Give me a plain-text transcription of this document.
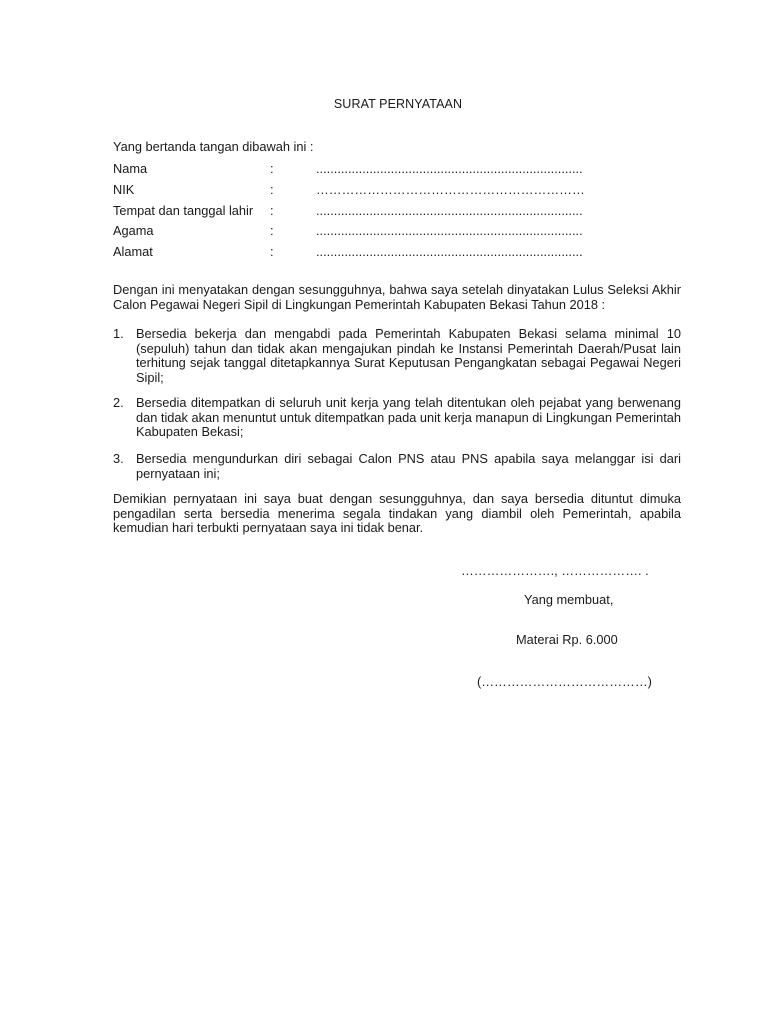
SURAT PERNYATAAN
Yang bertanda tangan dibawah ini :
Nama	:	...........................................................................
NIK	:	………………………………………………………
Tempat dan tanggal lahir :	...........................................................................
Agama	:	...........................................................................
Alamat	:	...........................................................................
Dengan ini menyatakan dengan sesungguhnya, bahwa saya setelah dinyatakan Lulus Seleksi Akhir Calon Pegawai Negeri Sipil di Lingkungan Pemerintah Kabupaten Bekasi Tahun 2018 :
1. Bersedia bekerja dan mengabdi pada Pemerintah Kabupaten Bekasi selama minimal 10 (sepuluh) tahun dan tidak akan mengajukan pindah ke Instansi Pemerintah Daerah/Pusat lain terhitung sejak tanggal ditetapkannya Surat Keputusan Pengangkatan sebagai Pegawai Negeri Sipil;
2. Bersedia ditempatkan di seluruh unit kerja yang telah ditentukan oleh pejabat yang berwenang dan tidak akan menuntut untuk ditempatkan pada unit kerja manapun di Lingkungan Pemerintah Kabupaten Bekasi;
3. Bersedia mengundurkan diri sebagai Calon PNS atau PNS apabila saya melanggar isi dari pernyataan ini;
Demikian pernyataan ini saya buat dengan sesungguhnya, dan saya bersedia dituntut dimuka pengadilan serta bersedia menerima segala tindakan yang diambil oleh Pemerintah, apabila kemudian hari terbukti pernyataan saya ini tidak benar.
…………………., ………………. .
Yang membuat,
Materai Rp. 6.000
(…………………………………)
